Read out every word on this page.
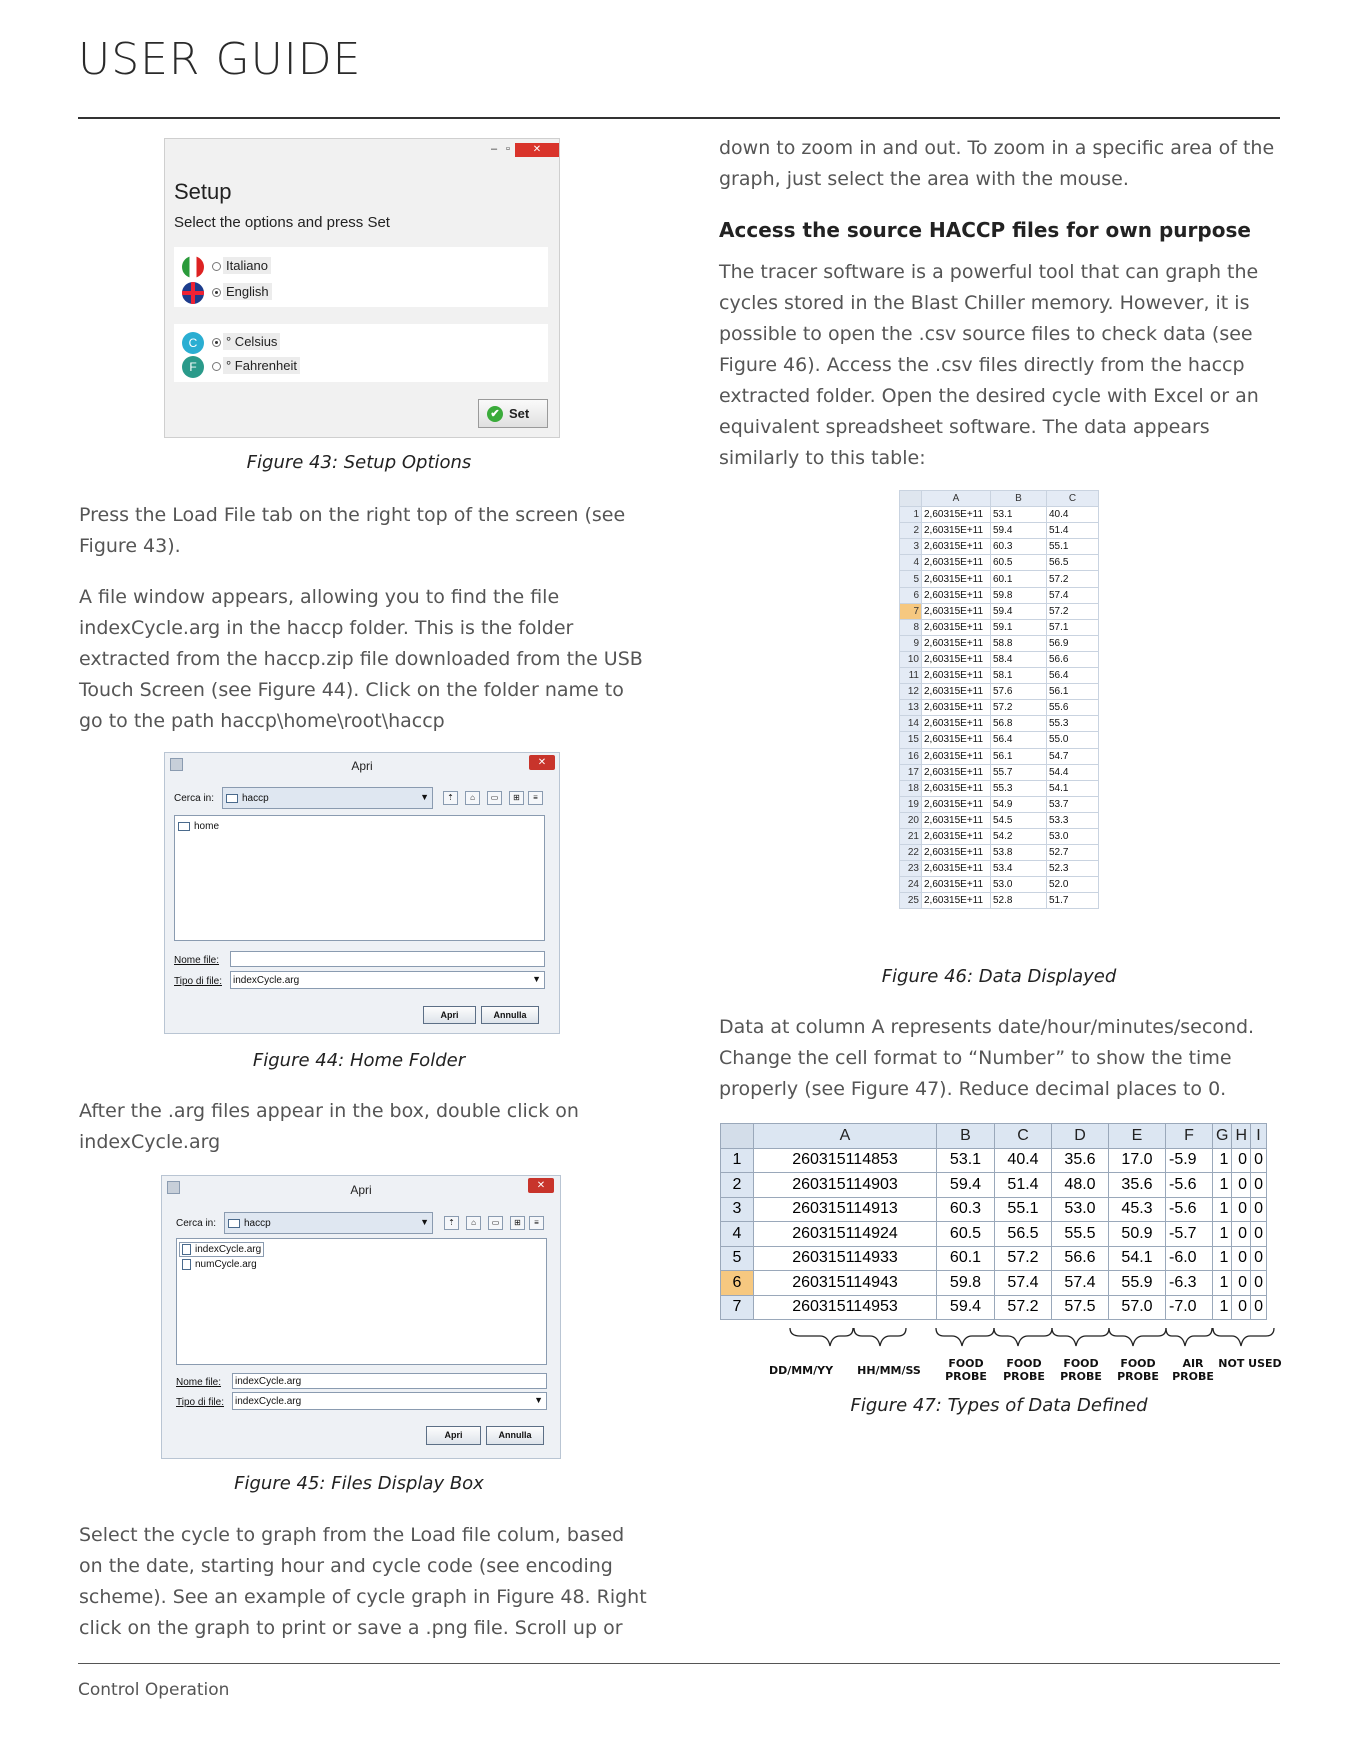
USER GUIDE
– ▫	✕
Setup
Select the options and press Set
Italiano
English
C	° Celsius
F	° Fahrenheit
✔ Set
Figure 43: Setup Options
Press the Load File tab on the right top of the screen (see Figure 43).
A file window appears, allowing you to find the file indexCycle.arg in the haccp folder. This is the folder extracted from the haccp.zip file downloaded from the USB Touch Screen (see Figure 44). Click on the folder name to go to the path haccp\home\root\haccp
Apri	✕
Cerca in:	haccp	▼	⇡	⌂	▭	⊞	≡
home
Nome file:
Tipo di file: indexCycle.arg	▼
Apri	Annulla
Figure 44: Home Folder
After the .arg files appear in the box, double click on indexCycle.arg
Apri	✕
Cerca in:	haccp	▼	⇡	⌂	▭	⊞	≡
indexCycle.arg
numCycle.arg
Nome file: indexCycle.arg
Tipo di file: indexCycle.arg	▼
Apri	Annulla
Figure 45: Files Display Box
Select the cycle to graph from the Load file colum, based on the date, starting hour and cycle code (see encoding scheme). See an example of cycle graph in Figure 48. Right click on the graph to print or save a .png file. Scroll up or
down to zoom in and out. To zoom in a specific area of the graph, just select the area with the mouse.
Access the source HACCP files for own purpose
The tracer software is a powerful tool that can graph the cycles stored in the Blast Chiller memory. However, it is possible to open the .csv source files to check data (see Figure 46). Access the .csv files directly from the haccp extracted folder. Open the desired cycle with Excel or an equivalent spreadsheet software. The data appears similarly to this table:
	A	B	C
1	2,60315E+11	53.1	40.4
2	2,60315E+11	59.4	51.4
3	2,60315E+11	60.3	55.1
4	2,60315E+11	60.5	56.5
5	2,60315E+11	60.1	57.2
6	2,60315E+11	59.8	57.4
7	2,60315E+11	59.4	57.2
8	2,60315E+11	59.1	57.1
9	2,60315E+11	58.8	56.9
10	2,60315E+11	58.4	56.6
11	2,60315E+11	58.1	56.4
12	2,60315E+11	57.6	56.1
13	2,60315E+11	57.2	55.6
14	2,60315E+11	56.8	55.3
15	2,60315E+11	56.4	55.0
16	2,60315E+11	56.1	54.7
17	2,60315E+11	55.7	54.4
18	2,60315E+11	55.3	54.1
19	2,60315E+11	54.9	53.7
20	2,60315E+11	54.5	53.3
21	2,60315E+11	54.2	53.0
22	2,60315E+11	53.8	52.7
23	2,60315E+11	53.4	52.3
24	2,60315E+11	53.0	52.0
25	2,60315E+11	52.8	51.7
Figure 46: Data Displayed
Data at column A represents date/hour/minutes/second. Change the cell format to “Number” to show the time properly (see Figure 47). Reduce decimal places to 0.
	A	B	C	D	E	F	G	H	I
1	260315114853	53.1	40.4	35.6	17.0	-5.9	1	0	0
2	260315114903	59.4	51.4	48.0	35.6	-5.6	1	0	0
3	260315114913	60.3	55.1	53.0	45.3	-5.6	1	0	0
4	260315114924	60.5	56.5	55.5	50.9	-5.7	1	0	0
5	260315114933	60.1	57.2	56.6	54.1	-6.0	1	0	0
6	260315114943	59.8	57.4	57.4	55.9	-6.3	1	0	0
7	260315114953	59.4	57.2	57.5	57.0	-7.0	1	0	0
DD/MM/YY	HH/MM/SS
FOOD
PROBE
FOOD
PROBE
FOOD
PROBE
FOOD
PROBE
AIR
PROBE
NOT USED
Figure 47: Types of Data Defined
Control Operation
